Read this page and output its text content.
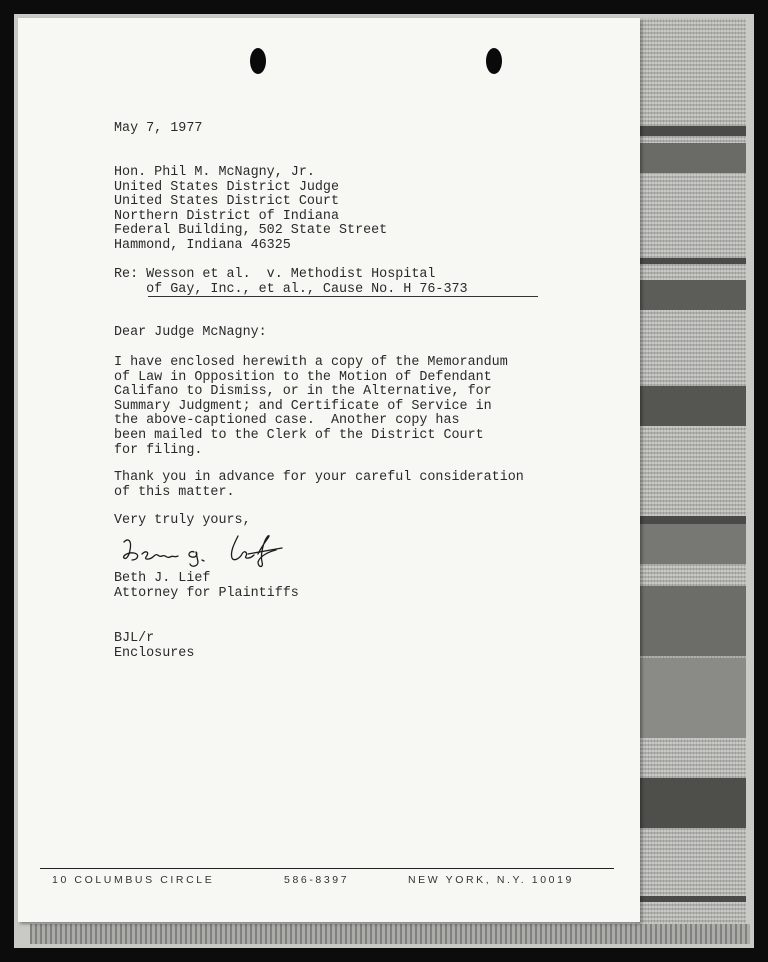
May 7, 1977

Hon. Phil M. McNagny, Jr.

United States District Judge

United States District Court

Northern District of Indiana

Federal Building, 502 State Street

Hammond, Indiana 46325

Re: Wesson et al.  v. Methodist Hospital
of Gay, Inc., et al., Cause No. H 76-373

Dear Judge McNagny:

I have enclosed herewith a copy of the Memorandum

of Law in Opposition to the Motion of Defendant

Califano to Dismiss, or in the Alternative, for

Summary Judgment; and Certificate of Service in

the above-captioned case.  Another copy has

been mailed to the Clerk of the District Court

for filing.

Thank you in advance for your careful consideration

of this matter.

Very truly yours,

Beth J. Lief

Attorney for Plaintiffs

BJL/r

Enclosures

10 COLUMBUS CIRCLE	586-8397	NEW YORK, N.Y. 10019
